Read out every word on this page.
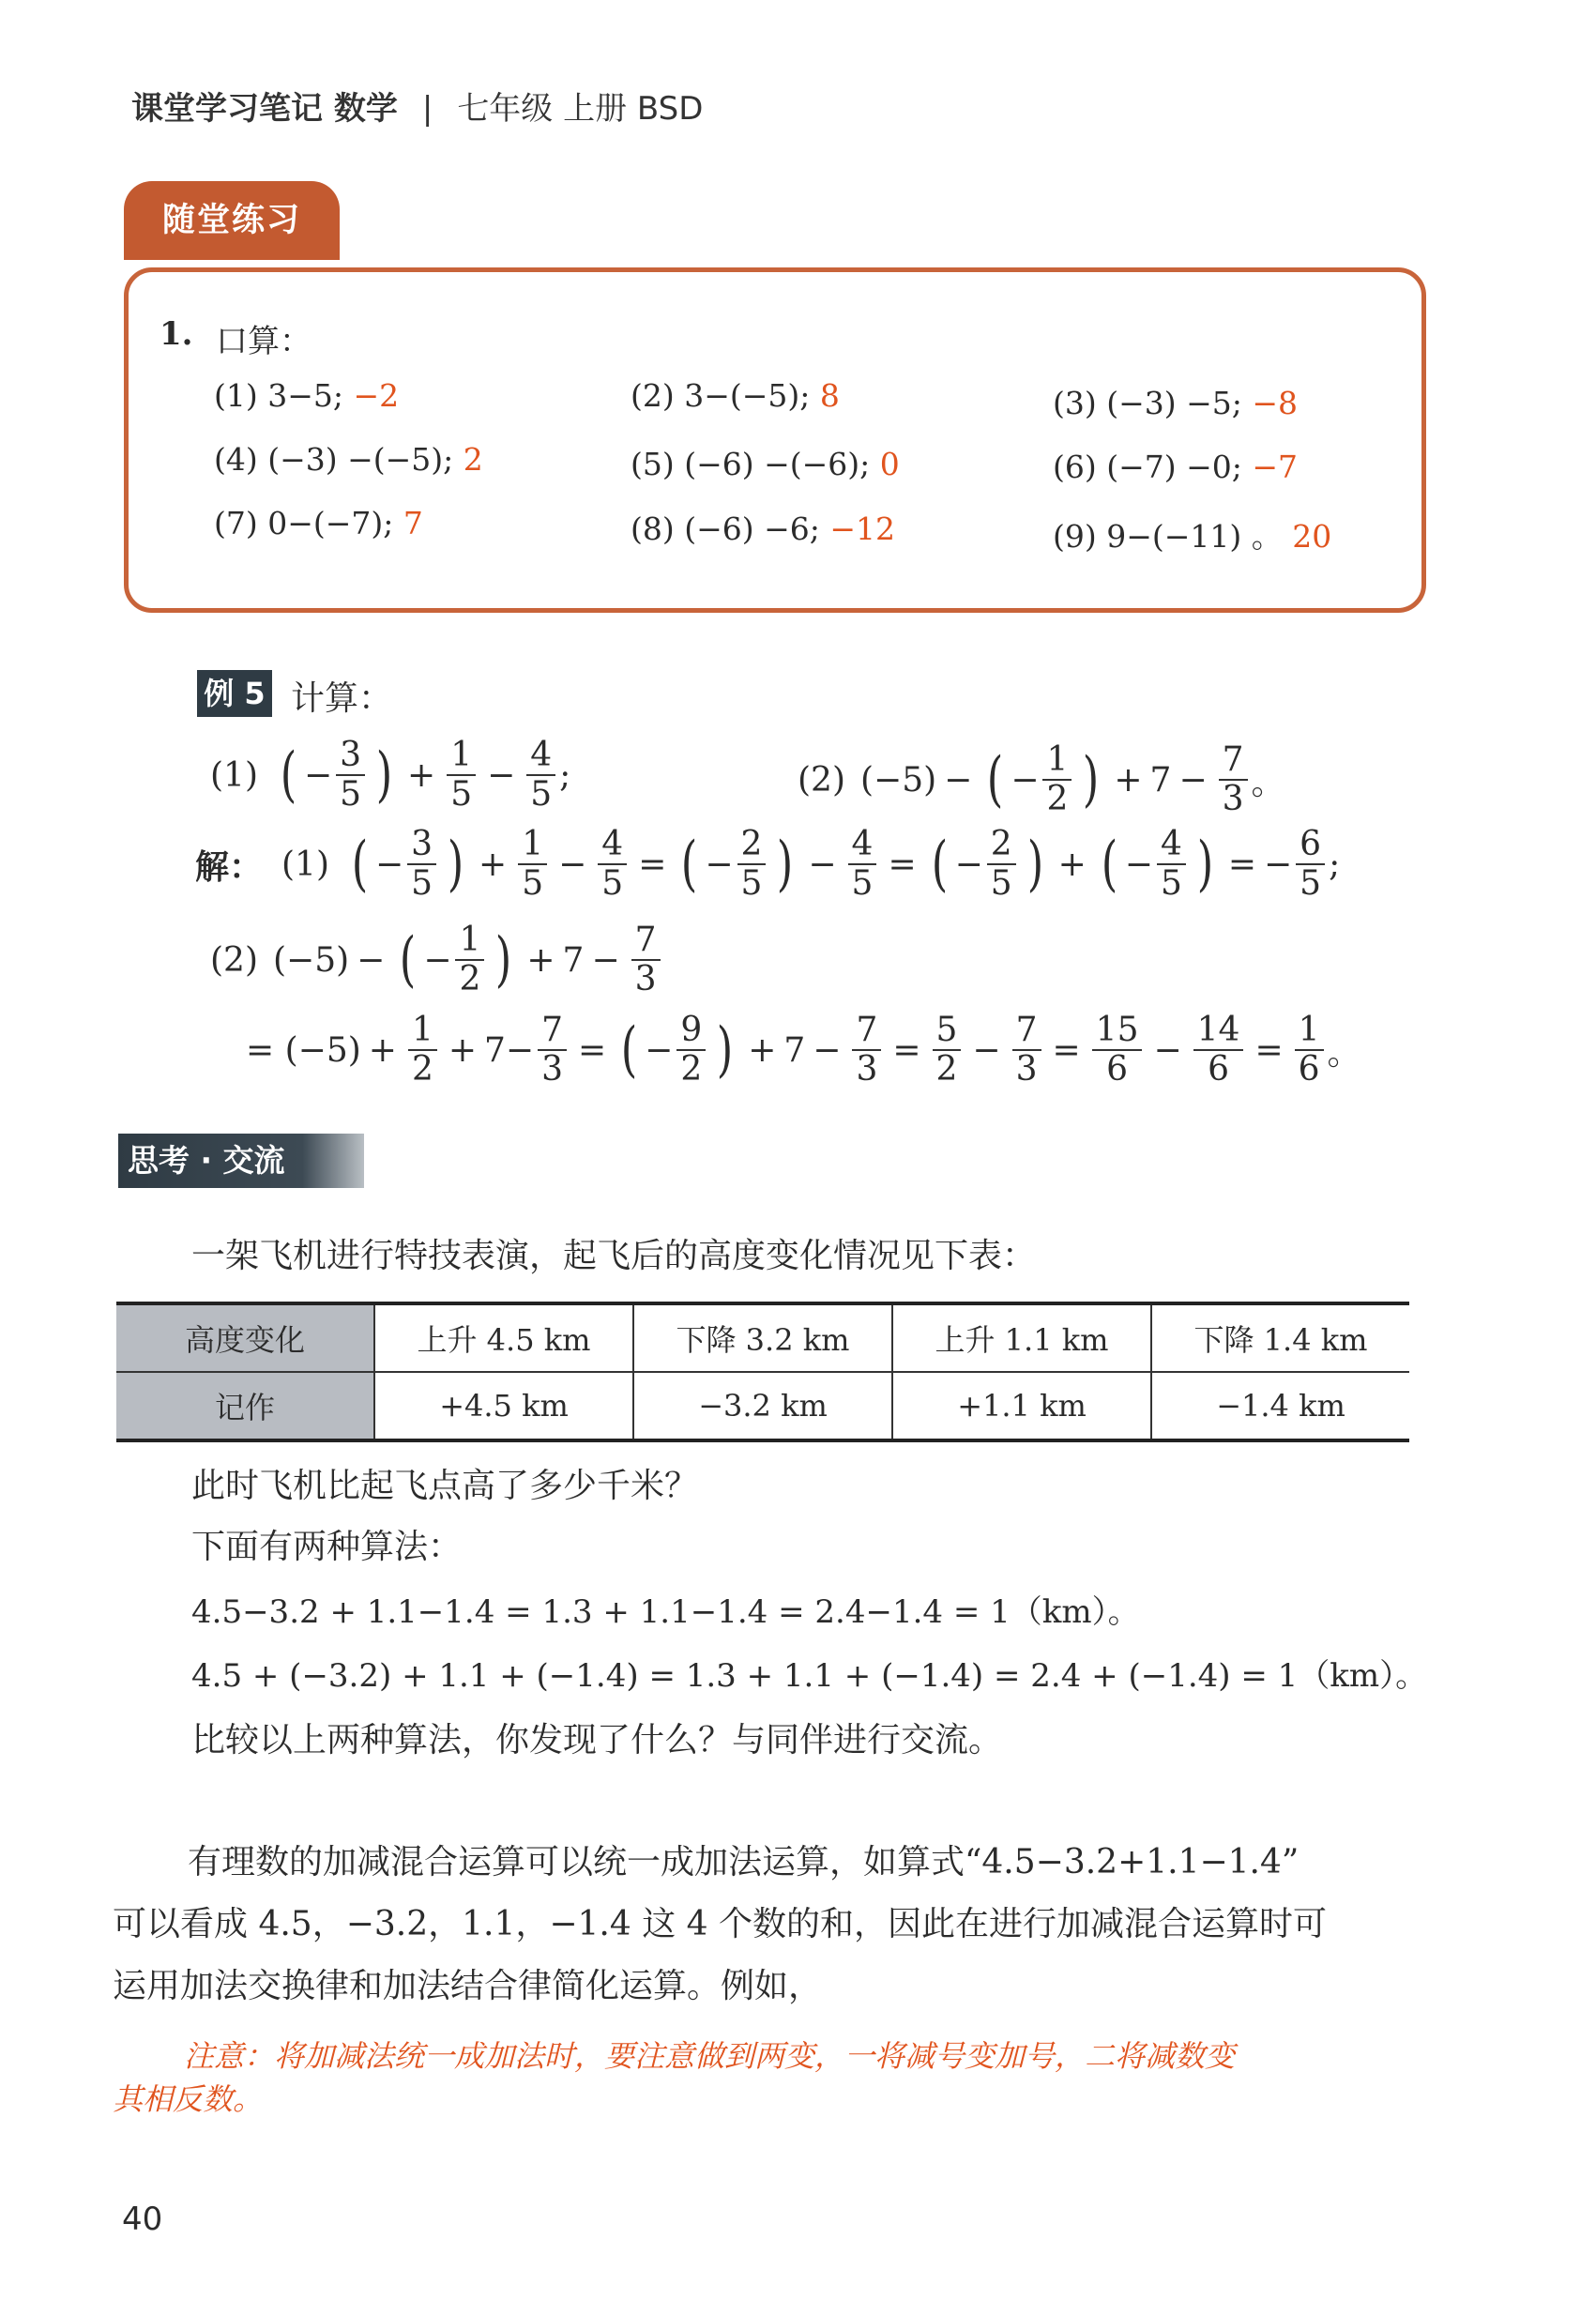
课堂学习笔记 数学 | 七年级 上册 BSD
随堂练习
1. 口算：
(1) 3−5; −2	(2) 3−(−5); 8	(3) (−3) −5; −8
(4) (−3) −(−5); 2	(5) (−6) −(−6); 0	(6) (−7) −0; −7
(7) 0−(−7); 7	(8) (−6) −6; −12	(9) 9−(−11) 。 20
例 5 计算：
(1) ( − $\frac{3}{5}$ ) + $\frac{1}{5} - \frac{4}{5}$ ;	(2) (−5) − ( − $\frac{1}{2}$ ) + $7 - \frac{7}{3}$ 。
解： (1) ( − $\frac{3}{5}$ ) + $\frac{1}{5} - \frac{4}{5}$ = ( − $\frac{2}{5}$ ) − $\frac{4}{5}$ = ( − $\frac{2}{5}$ ) + ( − $\frac{4}{5}$ ) = − $\frac{6}{5}$ ;
(2) (−5) − ( − $\frac{1}{2}$ ) + $7 - \frac{7}{3}$
= $(-5) + \frac{1}{2} + 7- \frac{7}{3}$ = ( − $\frac{9}{2}$ ) + $7 - \frac{7}{3} = \frac{5}{2} - \frac{7}{3} = \frac{15}{6} - \frac{14}{6} = \frac{1}{6}$ 。
思考 · 交流
一架飞机进行特技表演，起飞后的高度变化情况见下表：
高度变化	上升 4.5 km	下降 3.2 km	上升 1.1 km	下降 1.4 km
记作	+4.5 km	−3.2 km	+1.1 km	−1.4 km
此时飞机比起飞点高了多少千米？
下面有两种算法：
4.5−3.2 + 1.1−1.4 = 1.3 + 1.1−1.4 = 2.4−1.4 = 1（km）。
4.5 + (−3.2) + 1.1 + (−1.4) = 1.3 + 1.1 + (−1.4) = 2.4 + (−1.4) = 1（km）。
比较以上两种算法，你发现了什么？与同伴进行交流。
有理数的加减混合运算可以统一成加法运算，如算式“4.5−3.2+1.1−1.4”
可以看成 4.5，−3.2，1.1，−1.4 这 4 个数的和，因此在进行加减混合运算时可
运用加法交换律和加法结合律简化运算。例如，
注意：将加减法统一成加法时，要注意做到两变，一将减号变加号，二将减数变
其相反数。
40
